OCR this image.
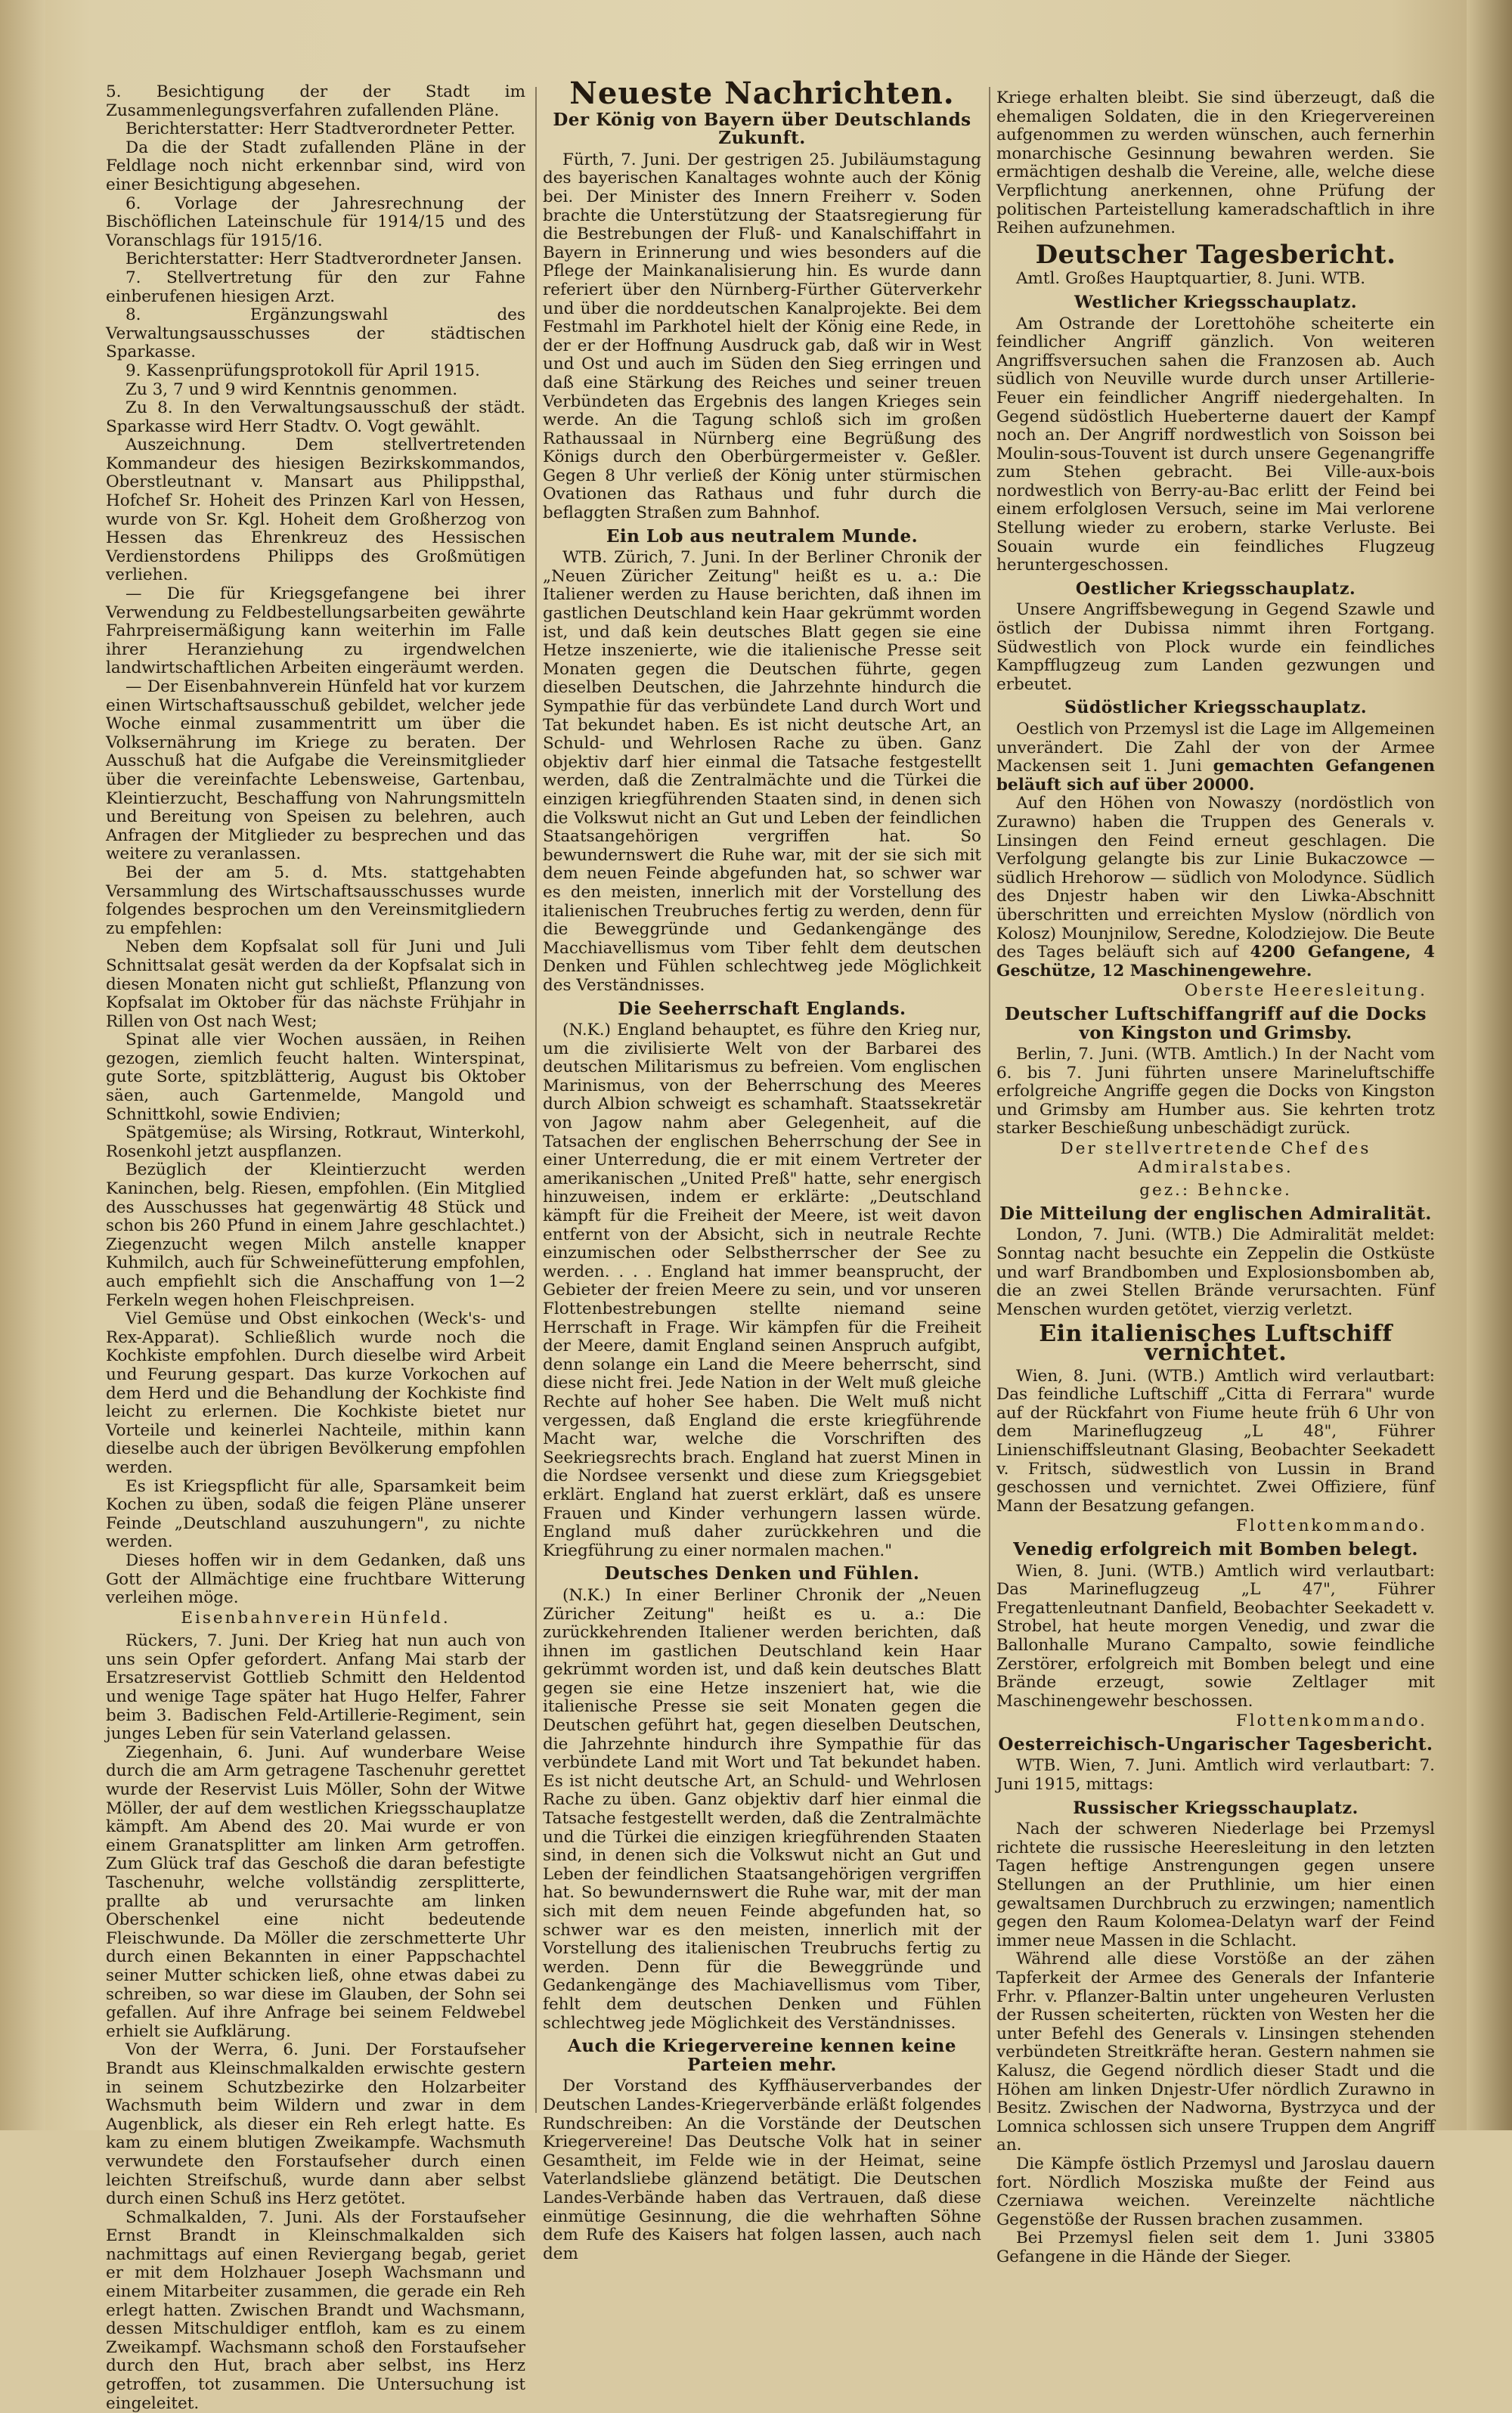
5. Besichtigung der der Stadt im Zusammenlegungsverfahren zufallenden Pläne.

Berichterstatter: Herr Stadtverordneter Petter.

Da die der Stadt zufallenden Pläne in der Feldlage noch nicht erkennbar sind, wird von einer Besichtigung abgesehen.

6. Vorlage der Jahresrechnung der Bischöflichen Lateinschule für 1914/15 und des Voranschlags für 1915/16.

Berichterstatter: Herr Stadtverordneter Jansen.

7. Stellvertretung für den zur Fahne einberufenen hiesigen Arzt.

8. Ergänzungswahl des Verwaltungsausschusses der städtischen Sparkasse.

9. Kassenprüfungsprotokoll für April 1915.

Zu 3, 7 und 9 wird Kenntnis genommen.

Zu 8. In den Verwaltungsausschuß der städt. Sparkasse wird Herr Stadtv. O. Vogt gewählt.

Auszeichnung. Dem stellvertretenden Kommandeur des hiesigen Bezirkskommandos, Oberstleutnant v. Mansart aus Philippsthal, Hofchef Sr. Hoheit des Prinzen Karl von Hessen, wurde von Sr. Kgl. Hoheit dem Großherzog von Hessen das Ehrenkreuz des Hessischen Verdienstordens Philipps des Großmütigen verliehen.

— Die für Kriegsgefangene bei ihrer Verwendung zu Feldbestellungsarbeiten gewährte Fahrpreisermäßigung kann weiterhin im Falle ihrer Heranziehung zu irgendwelchen landwirtschaftlichen Arbeiten eingeräumt werden.

— Der Eisenbahnverein Hünfeld hat vor kurzem einen Wirtschaftsausschuß gebildet, welcher jede Woche einmal zusammentritt um über die Volksernährung im Kriege zu beraten. Der Ausschuß hat die Aufgabe die Vereinsmitglieder über die vereinfachte Lebensweise, Gartenbau, Kleintierzucht, Beschaffung von Nahrungsmitteln und Bereitung von Speisen zu belehren, auch Anfragen der Mitglieder zu besprechen und das weitere zu veranlassen.

Bei der am 5. d. Mts. stattgehabten Versammlung des Wirtschaftsausschusses wurde folgendes besprochen um den Vereinsmitgliedern zu empfehlen:

Neben dem Kopfsalat soll für Juni und Juli Schnittsalat gesät werden da der Kopfsalat sich in diesen Monaten nicht gut schließt, Pflanzung von Kopfsalat im Oktober für das nächste Frühjahr in Rillen von Ost nach West;

Spinat alle vier Wochen aussäen, in Reihen gezogen, ziemlich feucht halten. Winterspinat, gute Sorte, spitzblätterig, August bis Oktober säen, auch Gartenmelde, Mangold und Schnittkohl, sowie Endivien;

Spätgemüse; als Wirsing, Rotkraut, Winterkohl, Rosenkohl jetzt auspflanzen.

Bezüglich der Kleintierzucht werden Kaninchen, belg. Riesen, empfohlen. (Ein Mitglied des Ausschusses hat gegenwärtig 48 Stück und schon bis 260 Pfund in einem Jahre geschlachtet.) Ziegenzucht wegen Milch anstelle knapper Kuhmilch, auch für Schweinefütterung empfohlen, auch empfiehlt sich die Anschaffung von 1—2 Ferkeln wegen hohen Fleischpreisen.

Viel Gemüse und Obst einkochen (Weck's- und Rex-Apparat). Schließlich wurde noch die Kochkiste empfohlen. Durch dieselbe wird Arbeit und Feurung gespart. Das kurze Vorkochen auf dem Herd und die Behandlung der Kochkiste find leicht zu erlernen. Die Kochkiste bietet nur Vorteile und keinerlei Nachteile, mithin kann dieselbe auch der übrigen Bevölkerung empfohlen werden.

Es ist Kriegspflicht für alle, Sparsamkeit beim Kochen zu üben, sodaß die feigen Pläne unserer Feinde „Deutschland auszuhungern", zu nichte werden.

Dieses hoffen wir in dem Gedanken, daß uns Gott der Allmächtige eine fruchtbare Witterung verleihen möge.

Eisenbahnverein Hünfeld.

Rückers, 7. Juni. Der Krieg hat nun auch von uns sein Opfer gefordert. Anfang Mai starb der Ersatzreservist Gottlieb Schmitt den Heldentod und wenige Tage später hat Hugo Helfer, Fahrer beim 3. Badischen Feld-Artillerie-Regiment, sein junges Leben für sein Vaterland gelassen.

Ziegenhain, 6. Juni. Auf wunderbare Weise durch die am Arm getragene Taschenuhr gerettet wurde der Reservist Luis Möller, Sohn der Witwe Möller, der auf dem westlichen Kriegsschauplatze kämpft. Am Abend des 20. Mai wurde er von einem Granatsplitter am linken Arm getroffen. Zum Glück traf das Geschoß die daran befestigte Taschenuhr, welche vollständig zersplitterte, prallte ab und verursachte am linken Oberschenkel eine nicht bedeutende Fleischwunde. Da Möller die zerschmetterte Uhr durch einen Bekannten in einer Pappschachtel seiner Mutter schicken ließ, ohne etwas dabei zu schreiben, so war diese im Glauben, der Sohn sei gefallen. Auf ihre Anfrage bei seinem Feldwebel erhielt sie Aufklärung.

Von der Werra, 6. Juni. Der Forstaufseher Brandt aus Kleinschmalkalden erwischte gestern in seinem Schutzbezirke den Holzarbeiter Wachsmuth beim Wildern und zwar in dem Augenblick, als dieser ein Reh erlegt hatte. Es kam zu einem blutigen Zweikampfe. Wachsmuth verwundete den Forstaufseher durch einen leichten Streifschuß, wurde dann aber selbst durch einen Schuß ins Herz getötet.

Schmalkalden, 7. Juni. Als der Forstaufseher Ernst Brandt in Kleinschmalkalden sich nachmittags auf einen Reviergang begab, geriet er mit dem Holzhauer Joseph Wachsmann und einem Mitarbeiter zusammen, die gerade ein Reh erlegt hatten. Zwischen Brandt und Wachsmann, dessen Mitschuldiger entfloh, kam es zu einem Zweikampf. Wachsmann schoß den Forstaufseher durch den Hut, brach aber selbst, ins Herz getroffen, tot zusammen. Die Untersuchung ist eingeleitet.

Neueste Nachrichten.
Der König von Bayern über Deutschlands Zukunft.

Fürth, 7. Juni. Der gestrigen 25. Jubiläumstagung des bayerischen Kanaltages wohnte auch der König bei. Der Minister des Innern Freiherr v. Soden brachte die Unterstützung der Staatsregierung für die Bestrebungen der Fluß- und Kanalschiffahrt in Bayern in Erinnerung und wies besonders auf die Pflege der Mainkanalisierung hin. Es wurde dann referiert über den Nürnberg-Fürther Güterverkehr und über die norddeutschen Kanalprojekte. Bei dem Festmahl im Parkhotel hielt der König eine Rede, in der er der Hoffnung Ausdruck gab, daß wir in West und Ost und auch im Süden den Sieg erringen und daß eine Stärkung des Reiches und seiner treuen Verbündeten das Ergebnis des langen Krieges sein werde. An die Tagung schloß sich im großen Rathaussaal in Nürnberg eine Begrüßung des Königs durch den Oberbürgermeister v. Geßler. Gegen 8 Uhr verließ der König unter stürmischen Ovationen das Rathaus und fuhr durch die beflaggten Straßen zum Bahnhof.

Ein Lob aus neutralem Munde.

WTB. Zürich, 7. Juni. In der Berliner Chronik der „Neuen Züricher Zeitung" heißt es u. a.: Die Italiener werden zu Hause berichten, daß ihnen im gastlichen Deutschland kein Haar gekrümmt worden ist, und daß kein deutsches Blatt gegen sie eine Hetze inszenierte, wie die italienische Presse seit Monaten gegen die Deutschen führte, gegen dieselben Deutschen, die Jahrzehnte hindurch die Sympathie für das verbündete Land durch Wort und Tat bekundet haben. Es ist nicht deutsche Art, an Schuld- und Wehrlosen Rache zu üben. Ganz objektiv darf hier einmal die Tatsache festgestellt werden, daß die Zentralmächte und die Türkei die einzigen kriegführenden Staaten sind, in denen sich die Volkswut nicht an Gut und Leben der feindlichen Staatsangehörigen vergriffen hat. So bewundernswert die Ruhe war, mit der sie sich mit dem neuen Feinde abgefunden hat, so schwer war es den meisten, innerlich mit der Vorstellung des italienischen Treubruches fertig zu werden, denn für die Beweggründe und Gedankengänge des Macchiavellismus vom Tiber fehlt dem deutschen Denken und Fühlen schlechtweg jede Möglichkeit des Verständnisses.

Die Seeherrschaft Englands.

(N.K.) England behauptet, es führe den Krieg nur, um die zivilisierte Welt von der Barbarei des deutschen Militarismus zu befreien. Vom englischen Marinismus, von der Beherrschung des Meeres durch Albion schweigt es schamhaft. Staatssekretär von Jagow nahm aber Gelegenheit, auf die Tatsachen der englischen Beherrschung der See in einer Unterredung, die er mit einem Vertreter der amerikanischen „United Preß" hatte, sehr energisch hinzuweisen, indem er erklärte: „Deutschland kämpft für die Freiheit der Meere, ist weit davon entfernt von der Absicht, sich in neutrale Rechte einzumischen oder Selbstherrscher der See zu werden. . . . England hat immer beansprucht, der Gebieter der freien Meere zu sein, und vor unseren Flottenbestrebungen stellte niemand seine Herrschaft in Frage. Wir kämpfen für die Freiheit der Meere, damit England seinen Anspruch aufgibt, denn solange ein Land die Meere beherrscht, sind diese nicht frei. Jede Nation in der Welt muß gleiche Rechte auf hoher See haben. Die Welt muß nicht vergessen, daß England die erste kriegführende Macht war, welche die Vorschriften des Seekriegsrechts brach. England hat zuerst Minen in die Nordsee versenkt und diese zum Kriegsgebiet erklärt. England hat zuerst erklärt, daß es unsere Frauen und Kinder verhungern lassen würde. England muß daher zurückkehren und die Kriegführung zu einer normalen machen."

Deutsches Denken und Fühlen.

(N.K.) In einer Berliner Chronik der „Neuen Züricher Zeitung" heißt es u. a.: Die zurückkehrenden Italiener werden berichten, daß ihnen im gastlichen Deutschland kein Haar gekrümmt worden ist, und daß kein deutsches Blatt gegen sie eine Hetze inszeniert hat, wie die italienische Presse sie seit Monaten gegen die Deutschen geführt hat, gegen dieselben Deutschen, die Jahrzehnte hindurch ihre Sympathie für das verbündete Land mit Wort und Tat bekundet haben. Es ist nicht deutsche Art, an Schuld- und Wehrlosen Rache zu üben. Ganz objektiv darf hier einmal die Tatsache festgestellt werden, daß die Zentralmächte und die Türkei die einzigen kriegführenden Staaten sind, in denen sich die Volkswut nicht an Gut und Leben der feindlichen Staatsangehörigen vergriffen hat. So bewundernswert die Ruhe war, mit der man sich mit dem neuen Feinde abgefunden hat, so schwer war es den meisten, innerlich mit der Vorstellung des italienischen Treubruchs fertig zu werden. Denn für die Beweggründe und Gedankengänge des Machiavellismus vom Tiber, fehlt dem deutschen Denken und Fühlen schlechtweg jede Möglichkeit des Verständnisses.

Auch die Kriegervereine kennen keine Parteien mehr.

Der Vorstand des Kyffhäuserverbandes der Deutschen Landes-Kriegerverbände erläßt folgendes Rundschreiben: An die Vorstände der Deutschen Kriegervereine! Das Deutsche Volk hat in seiner Gesamtheit, im Felde wie in der Heimat, seine Vaterlandsliebe glänzend betätigt. Die Deutschen Landes-Verbände haben das Vertrauen, daß diese einmütige Gesinnung, die die wehrhaften Söhne dem Rufe des Kaisers hat folgen lassen, auch nach dem

Kriege erhalten bleibt. Sie sind überzeugt, daß die ehemaligen Soldaten, die in den Kriegervereinen aufgenommen zu werden wünschen, auch fernerhin monarchische Gesinnung bewahren werden. Sie ermächtigen deshalb die Vereine, alle, welche diese Verpflichtung anerkennen, ohne Prüfung der politischen Parteistellung kameradschaftlich in ihre Reihen aufzunehmen.

Deutscher Tagesbericht.

Amtl. Großes Hauptquartier, 8. Juni. WTB.

Westlicher Kriegsschauplatz.

Am Ostrande der Lorettohöhe scheiterte ein feindlicher Angriff gänzlich. Von weiteren Angriffsversuchen sahen die Franzosen ab. Auch südlich von Neuville wurde durch unser Artillerie-Feuer ein feindlicher Angriff niedergehalten. In Gegend südöstlich Hueberterne dauert der Kampf noch an. Der Angriff nordwestlich von Soisson bei Moulin-sous-Touvent ist durch unsere Gegenangriffe zum Stehen gebracht. Bei Ville-aux-bois nordwestlich von Berry-au-Bac erlitt der Feind bei einem erfolglosen Versuch, seine im Mai verlorene Stellung wieder zu erobern, starke Verluste. Bei Souain wurde ein feindliches Flugzeug heruntergeschossen.

Oestlicher Kriegsschauplatz.

Unsere Angriffsbewegung in Gegend Szawle und östlich der Dubissa nimmt ihren Fortgang. Südwestlich von Plock wurde ein feindliches Kampfflugzeug zum Landen gezwungen und erbeutet.

Südöstlicher Kriegsschauplatz.

Oestlich von Przemysl ist die Lage im Allgemeinen unverändert. Die Zahl der von der Armee Mackensen seit 1. Juni gemachten Gefangenen beläuft sich auf über 20000.

Auf den Höhen von Nowaszy (nordöstlich von Zurawno) haben die Truppen des Generals v. Linsingen den Feind erneut geschlagen. Die Verfolgung gelangte bis zur Linie Bukaczowce — südlich Hrehorow — südlich von Molodynce. Südlich des Dnjestr haben wir den Liwka-Abschnitt überschritten und erreichten Myslow (nördlich von Kolosz) Mounjnilow, Seredne, Kolodziejow. Die Beute des Tages beläuft sich auf 4200 Gefangene, 4 Geschütze, 12 Maschinengewehre.

Oberste Heeresleitung.

Deutscher Luftschiffangriff auf die Docks von Kingston und Grimsby.

Berlin, 7. Juni. (WTB. Amtlich.) In der Nacht vom 6. bis 7. Juni führten unsere Marineluftschiffe erfolgreiche Angriffe gegen die Docks von Kingston und Grimsby am Humber aus. Sie kehrten trotz starker Beschießung unbeschädigt zurück.

Der stellvertretende Chef des Admiralstabes.

gez.: Behncke.

Die Mitteilung der englischen Admiralität.

London, 7. Juni. (WTB.) Die Admiralität meldet: Sonntag nacht besuchte ein Zeppelin die Ostküste und warf Brandbomben und Explosionsbomben ab, die an zwei Stellen Brände verursachten. Fünf Menschen wurden getötet, vierzig verletzt.

Ein italienisches Luftschiff vernichtet.

Wien, 8. Juni. (WTB.) Amtlich wird verlautbart: Das feindliche Luftschiff „Citta di Ferrara" wurde auf der Rückfahrt von Fiume heute früh 6 Uhr von dem Marineflugzeug „L 48", Führer Linienschiffsleutnant Glasing, Beobachter Seekadett v. Fritsch, südwestlich von Lussin in Brand geschossen und vernichtet. Zwei Offiziere, fünf Mann der Besatzung gefangen.

Flottenkommando.

Venedig erfolgreich mit Bomben belegt.

Wien, 8. Juni. (WTB.) Amtlich wird verlautbart: Das Marineflugzeug „L 47", Führer Fregattenleutnant Danfield, Beobachter Seekadett v. Strobel, hat heute morgen Venedig, und zwar die Ballonhalle Murano Campalto, sowie feindliche Zerstörer, erfolgreich mit Bomben belegt und eine Brände erzeugt, sowie Zeltlager mit Maschinengewehr beschossen.

Flottenkommando.

Oesterreichisch-Ungarischer Tagesbericht.

WTB. Wien, 7. Juni. Amtlich wird verlautbart: 7. Juni 1915, mittags:

Russischer Kriegsschauplatz.

Nach der schweren Niederlage bei Przemysl richtete die russische Heeresleitung in den letzten Tagen heftige Anstrengungen gegen unsere Stellungen an der Pruthlinie, um hier einen gewaltsamen Durchbruch zu erzwingen; namentlich gegen den Raum Kolomea-Delatyn warf der Feind immer neue Massen in die Schlacht.

Während alle diese Vorstöße an der zähen Tapferkeit der Armee des Generals der Infanterie Frhr. v. Pflanzer-Baltin unter ungeheuren Verlusten der Russen scheiterten, rückten von Westen her die unter Befehl des Generals v. Linsingen stehenden verbündeten Streitkräfte heran. Gestern nahmen sie Kalusz, die Gegend nördlich dieser Stadt und die Höhen am linken Dnjestr-Ufer nördlich Zurawno in Besitz. Zwischen der Nadworna, Bystrzyca und der Lomnica schlossen sich unsere Truppen dem Angriff an.

Die Kämpfe östlich Przemysl und Jaroslau dauern fort. Nördlich Mosziska mußte der Feind aus Czerniawa weichen. Vereinzelte nächtliche Gegenstöße der Russen brachen zusammen.

Bei Przemysl fielen seit dem 1. Juni 33805 Gefangene in die Hände der Sieger.
